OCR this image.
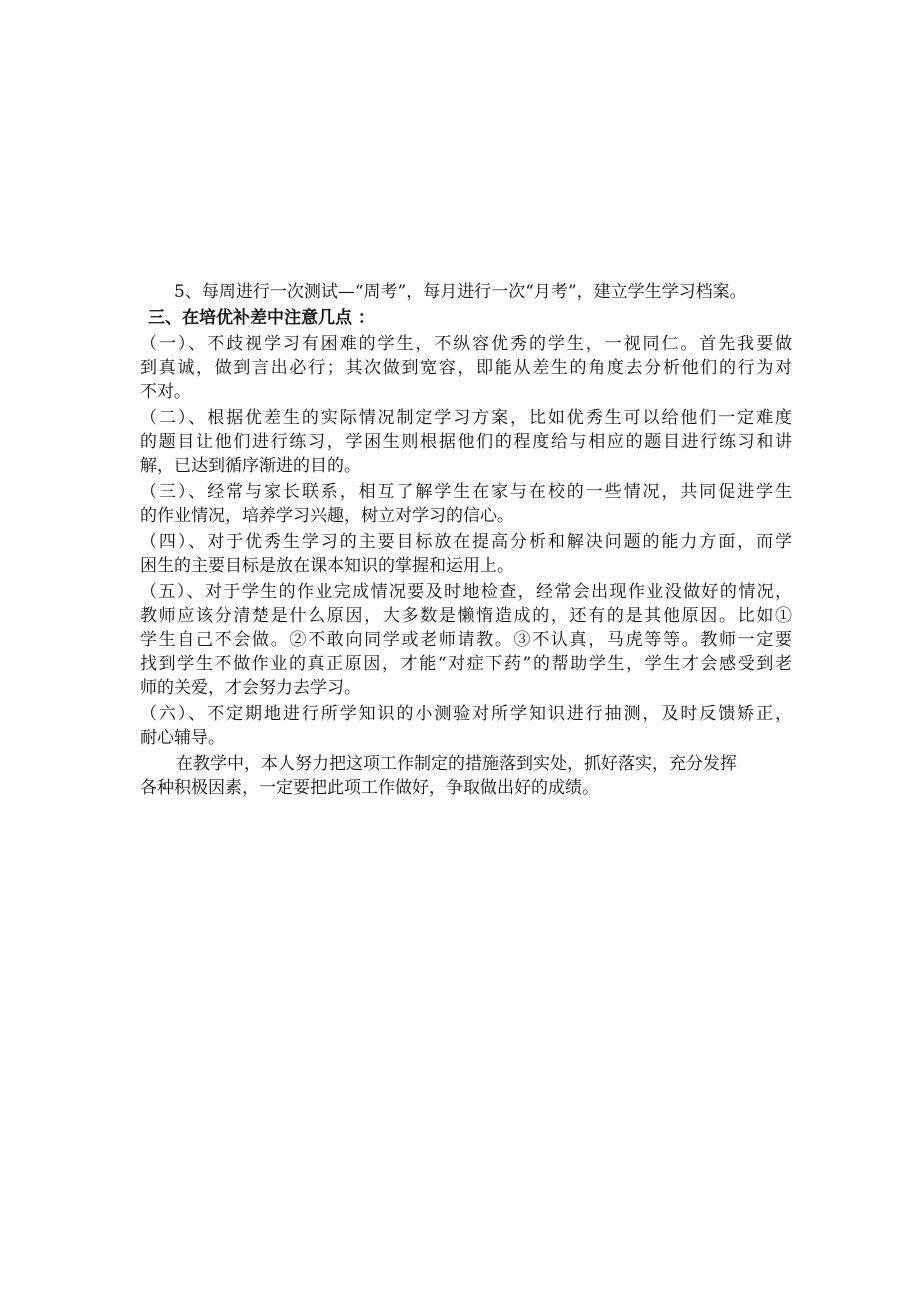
5、每周进行一次测试—“周考”，每月进行一次“月考”，建立学生学习档案。
三、在培优补差中注意几点 ：
（一）、不歧视学习有困难的学生，不纵容优秀的学生，一视同仁。首先我要做
到真诚，做到言出必行；其次做到宽容，即能从差生的角度去分析他们的行为对
不对。
（二）、根据优差生的实际情况制定学习方案，比如优秀生可以给他们一定难度
的题目让他们进行练习，学困生则根据他们的程度给与相应的题目进行练习和讲
解，已达到循序渐进的目的。
（三）、经常与家长联系，相互了解学生在家与在校的一些情况，共同促进学生
的作业情况，培养学习兴趣，树立对学习的信心。
（四）、对于优秀生学习的主要目标放在提高分析和解决问题的能力方面，而学
困生的主要目标是放在课本知识的掌握和运用上。
（五）、对于学生的作业完成情况要及时地检查，经常会出现作业没做好的情况，
教师应该分清楚是什么原因，大多数是懒惰造成的，还有的是其他原因。比如①
学生自己不会做。②不敢向同学或老师请教。③不认真，马虎等等。教师一定要
找到学生不做作业的真正原因，才能“对症下药”的帮助学生，学生才会感受到老
师的关爱，才会努力去学习。
（六）、不定期地进行所学知识的小测验对所学知识进行抽测，及时反馈矫正，
耐心辅导。
在教学中，本人努力把这项工作制定的措施落到实处，抓好落实，充分发挥
各种积极因素，一定要把此项工作做好，争取做出好的成绩。
